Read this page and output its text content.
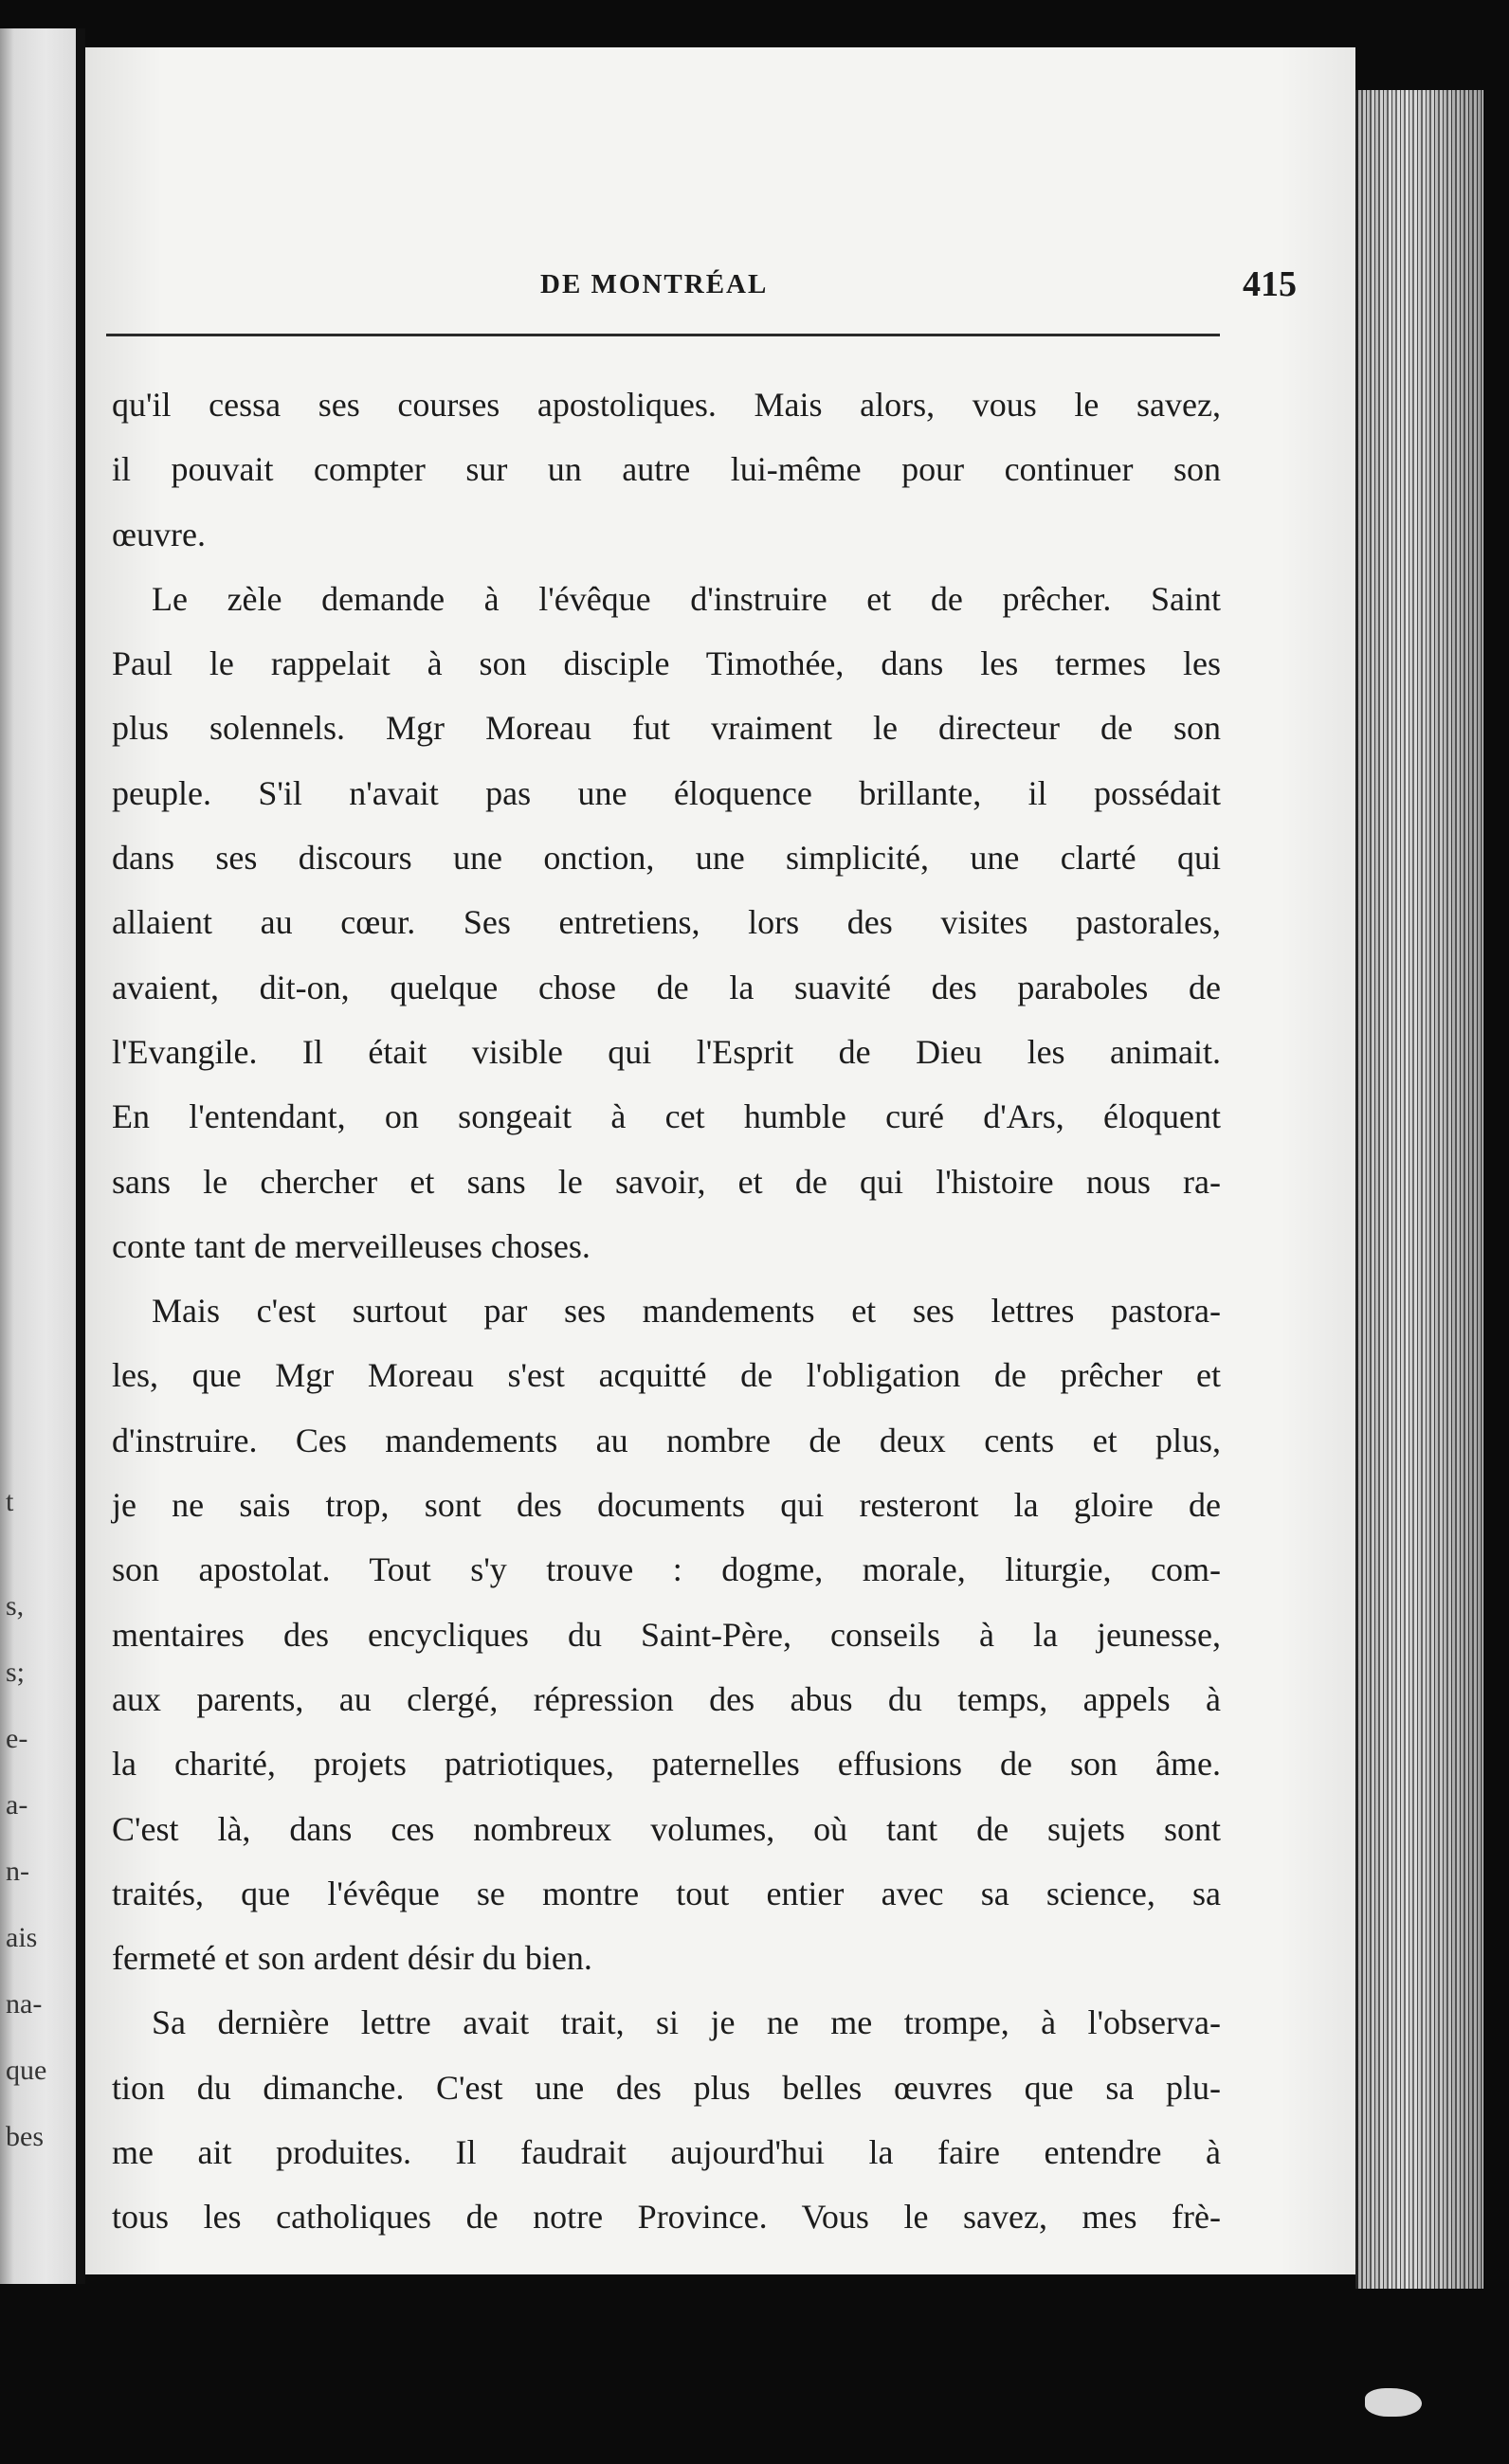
t
s,
s;
e-
a-
n-
ais
na-
que
bes
DE MONTRÉAL	415
qu'il cessa ses courses apostoliques. Mais alors, vous le savez,
il pouvait compter sur un autre lui-même pour continuer son
œuvre.
Le zèle demande à l'évêque d'instruire et de prêcher. Saint
Paul le rappelait à son disciple Timothée, dans les termes les
plus solennels. Mgr Moreau fut vraiment le directeur de son
peuple. S'il n'avait pas une éloquence brillante, il possédait
dans ses discours une onction, une simplicité, une clarté qui
allaient au cœur. Ses entretiens, lors des visites pastorales,
avaient, dit-on, quelque chose de la suavité des paraboles de
l'Evangile. Il était visible qui l'Esprit de Dieu les animait.
En l'entendant, on songeait à cet humble curé d'Ars, éloquent
sans le chercher et sans le savoir, et de qui l'histoire nous ra-
conte tant de merveilleuses choses.
Mais c'est surtout par ses mandements et ses lettres pastora-
les, que Mgr Moreau s'est acquitté de l'obligation de prêcher et
d'instruire. Ces mandements au nombre de deux cents et plus,
je ne sais trop, sont des documents qui resteront la gloire de
son apostolat. Tout s'y trouve : dogme, morale, liturgie, com-
mentaires des encycliques du Saint-Père, conseils à la jeunesse,
aux parents, au clergé, répression des abus du temps, appels à
la charité, projets patriotiques, paternelles effusions de son âme.
C'est là, dans ces nombreux volumes, où tant de sujets sont
traités, que l'évêque se montre tout entier avec sa science, sa
fermeté et son ardent désir du bien.
Sa dernière lettre avait trait, si je ne me trompe, à l'observa-
tion du dimanche. C'est une des plus belles œuvres que sa plu-
me ait produites. Il faudrait aujourd'hui la faire entendre à
tous les catholiques de notre Province. Vous le savez, mes frè-
